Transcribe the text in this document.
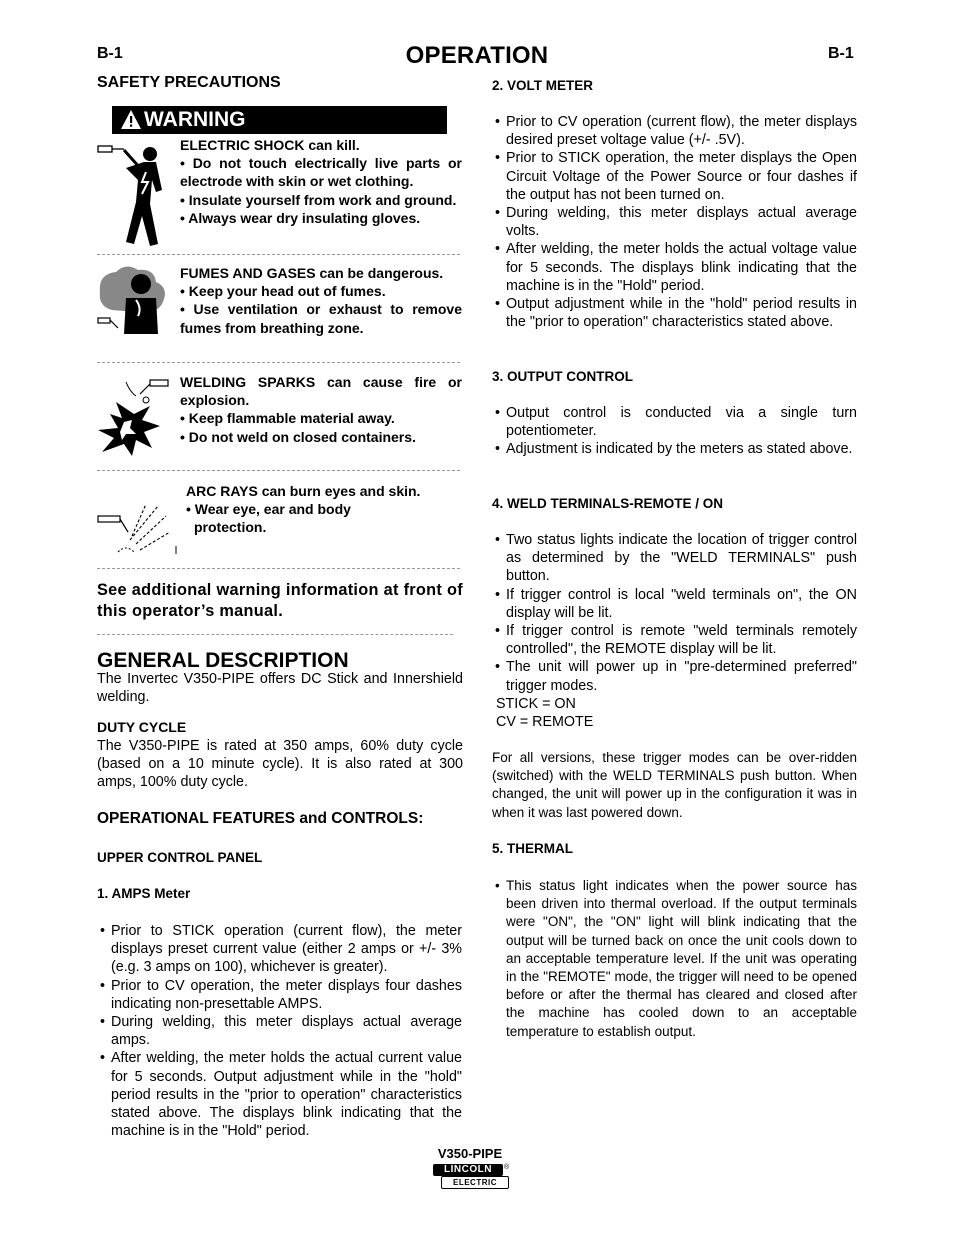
B-1	OPERATION	B-1
SAFETY PRECAUTIONS
WARNING
ELECTRIC SHOCK can kill.
• Do not touch electrically live parts or electrode with skin or wet clothing.
• Insulate yourself from work and ground.
• Always wear dry insulating gloves.
FUMES AND GASES can be dangerous.
• Keep your head out of fumes.
• Use ventilation or exhaust to remove fumes from breathing zone.
WELDING SPARKS can cause fire or explosion.
• Keep flammable material away.
• Do not weld on closed containers.
ARC RAYS can burn eyes and skin.
• Wear eye, ear and body
protection.
See additional warning information at front of this operator’s manual.
GENERAL DESCRIPTION
The Invertec V350-PIPE offers DC Stick and Innershield welding.
DUTY CYCLE
The V350-PIPE is rated at 350 amps, 60% duty cycle (based on a 10 minute cycle). It is also rated at 300 amps, 100% duty cycle.
OPERATIONAL FEATURES and CONTROLS:
UPPER CONTROL PANEL
1. AMPS Meter
• Prior to STICK operation (current flow), the meter displays preset current value (either 2 amps or +/- 3% (e.g. 3 amps on 100), whichever is greater).
• Prior to CV operation, the meter displays four dashes indicating non-presettable AMPS.
• During welding, this meter displays actual average amps.
• After welding, the meter holds the actual current value for 5 seconds. Output adjustment while in the "hold" period results in the "prior to operation" characteristics stated above. The displays blink indicating that the machine is in the "Hold" period.
2. VOLT METER
• Prior to CV operation (current flow), the meter displays desired preset voltage value (+/- .5V).
• Prior to STICK operation, the meter displays the Open Circuit Voltage of the Power Source or four dashes if the output has not been turned on.
• During welding, this meter displays actual average volts.
• After welding, the meter holds the actual voltage value for 5 seconds. The displays blink indicating that the machine is in the "Hold" period.
• Output adjustment while in the "hold" period results in the "prior to operation" characteristics stated above.
3. OUTPUT CONTROL
• Output control is conducted via a single turn potentiometer.
• Adjustment is indicated by the meters as stated above.
4. WELD TERMINALS-REMOTE / ON
• Two status lights indicate the location of trigger control as determined by the "WELD TERMINALS" push button.
• If trigger control is local "weld terminals on", the ON display will be lit.
• If trigger control is remote "weld terminals remotely controlled", the REMOTE display will be lit.
• The unit will power up in "pre-determined preferred" trigger modes.
STICK = ON
CV = REMOTE
For all versions, these trigger modes can be over-ridden (switched) with the WELD TERMINALS push button. When changed, the unit will power up in the configuration it was in when it was last powered down.
5. THERMAL
• This status light indicates when the power source has been driven into thermal overload. If the output terminals were "ON", the "ON" light will blink indicating that the output will be turned back on once the unit cools down to an acceptable temperature level. If the unit was operating in the "REMOTE" mode, the trigger will need to be opened before or after the thermal has cleared and closed after the machine has cooled down to an acceptable temperature to establish output.
V350-PIPE
LINCOLN	®
ELECTRIC
